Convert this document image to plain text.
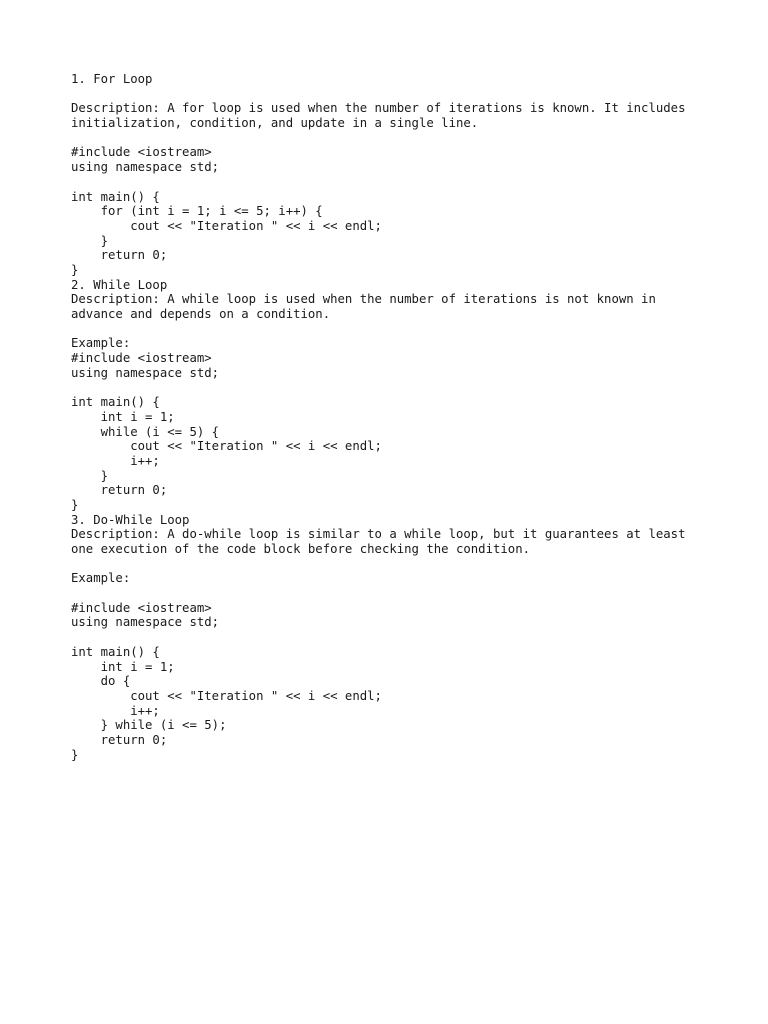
1. For Loop
Description: A for loop is used when the number of iterations is known. It includes
initialization, condition, and update in a single line.
#include <iostream>
using namespace std;
int main() {
for (int i = 1; i <= 5; i++) {
cout << "Iteration " << i << endl;
}
return 0;
}
2. While Loop
Description: A while loop is used when the number of iterations is not known in
advance and depends on a condition.
Example:
#include <iostream>
using namespace std;
int main() {
int i = 1;
while (i <= 5) {
cout << "Iteration " << i << endl;
i++;
}
return 0;
}
3. Do-While Loop
Description: A do-while loop is similar to a while loop, but it guarantees at least
one execution of the code block before checking the condition.
Example:
#include <iostream>
using namespace std;
int main() {
int i = 1;
do {
cout << "Iteration " << i << endl;
i++;
} while (i <= 5);
return 0;
}
